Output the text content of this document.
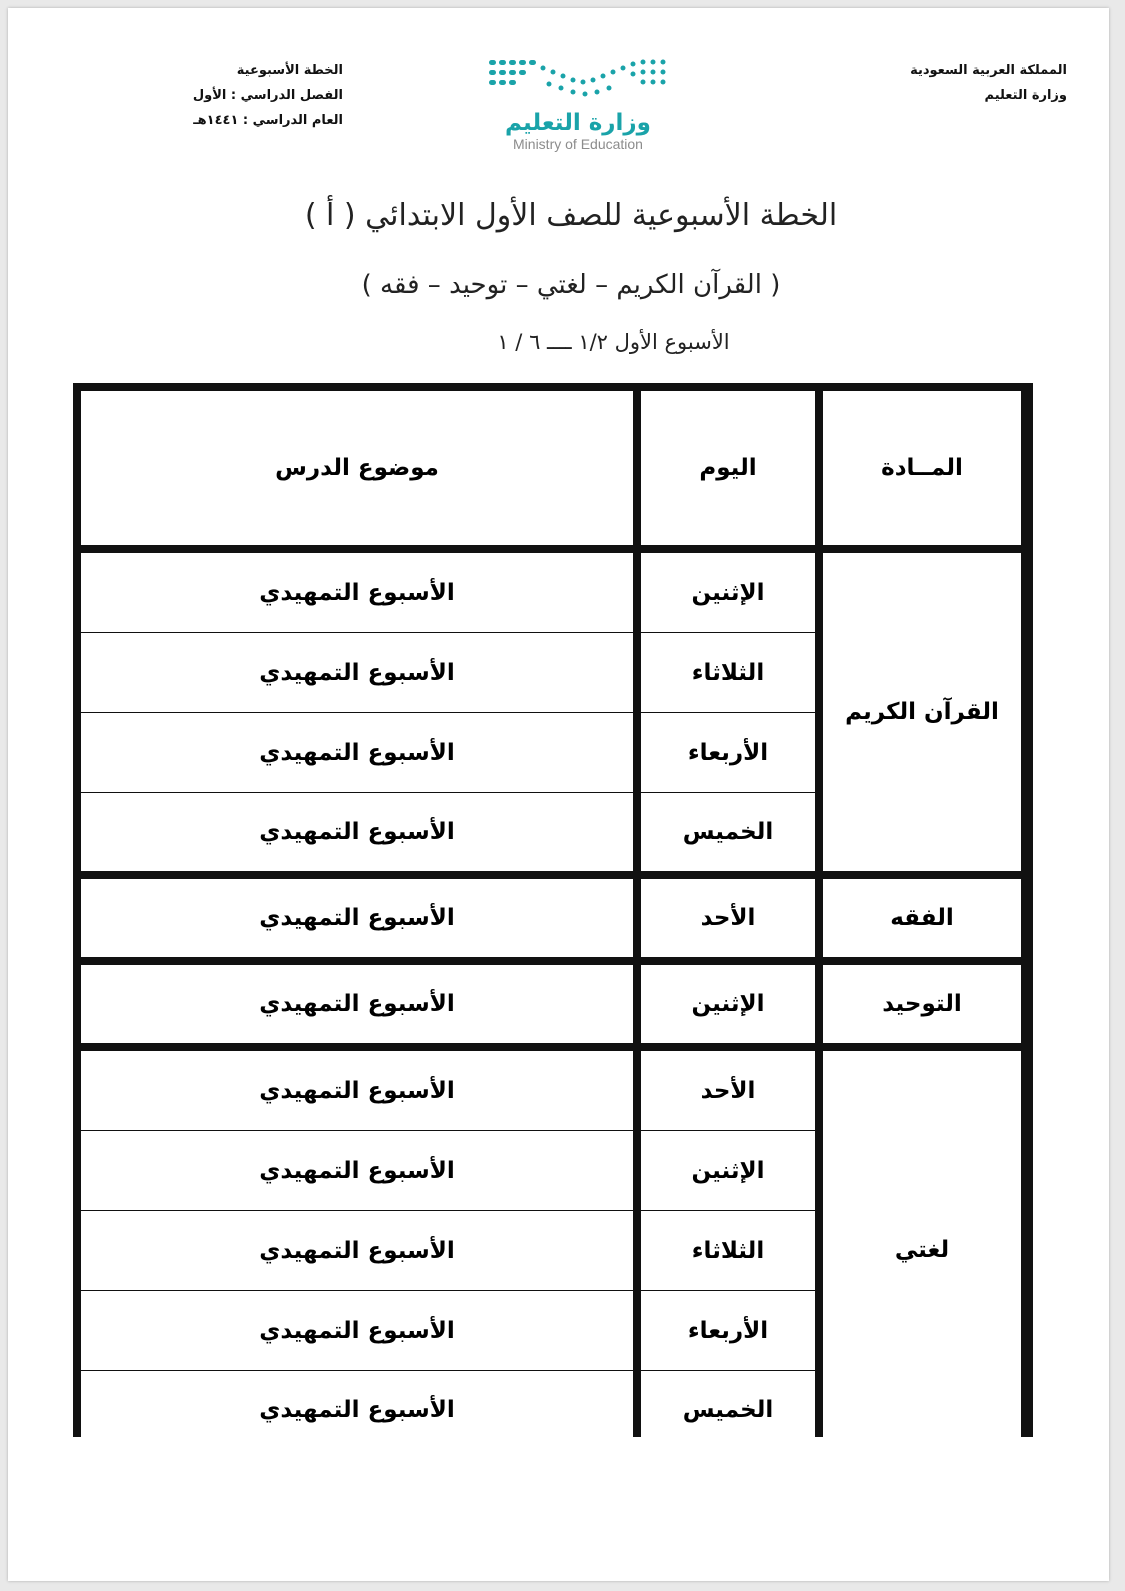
المملكة العربية السعودية
وزارة التعليم
وزارة التعليم
Ministry of Education
الخطة الأسبوعية
الفصل الدراسي : الأول
العام الدراسي : ١٤٤١هـ
الخطة الأسبوعية للصف الأول الابتدائي ( أ )
( القرآن الكريم – لغتي – توحيد – فقه )
الأسبوع الأول ١/٢ ــــ ٦ / ١
المــادة
اليوم
موضوع الدرس
القرآن الكريم
الإثنين
الأسبوع التمهيدي
الثلاثاء
الأسبوع التمهيدي
الأربعاء
الأسبوع التمهيدي
الخميس
الأسبوع التمهيدي
الفقه
الأحد
الأسبوع التمهيدي
التوحيد
الإثنين
الأسبوع التمهيدي
لغتي
الأحد
الأسبوع التمهيدي
الإثنين
الأسبوع التمهيدي
الثلاثاء
الأسبوع التمهيدي
الأربعاء
الأسبوع التمهيدي
الخميس
الأسبوع التمهيدي
